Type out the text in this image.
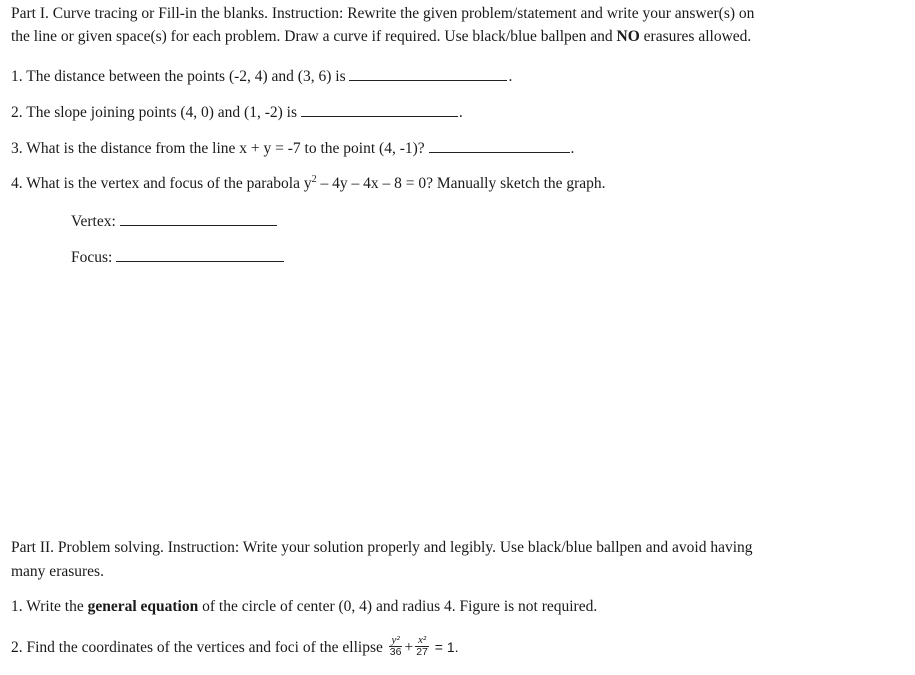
Part I. Curve tracing or Fill-in the blanks. Instruction: Rewrite the given problem/statement and write your answer(s) on
the line or given space(s) for each problem. Draw a curve if required. Use black/blue ballpen and NO erasures allowed.
1. The distance between the points (-2, 4) and (3, 6) is	.
2. The slope joining points (4, 0) and (1, -2) is	.
3. What is the distance from the line x + y = -7 to the point (4, -1)?	.
4. What is the vertex and focus of the parabola $y^2 - 4y - 4x - 8 = 0$? Manually sketch the graph.
Vertex:
Focus:
Part II. Problem solving. Instruction: Write your solution properly and legibly. Use black/blue ballpen and avoid having
many erasures.
1. Write the general equation of the circle of center (0, 4) and radius 4. Figure is not required.
2. Find the coordinates of the vertices and foci of the ellipse $\frac{\text{y²}}{36} + \frac{\text{x²}}{27} = 1$.
